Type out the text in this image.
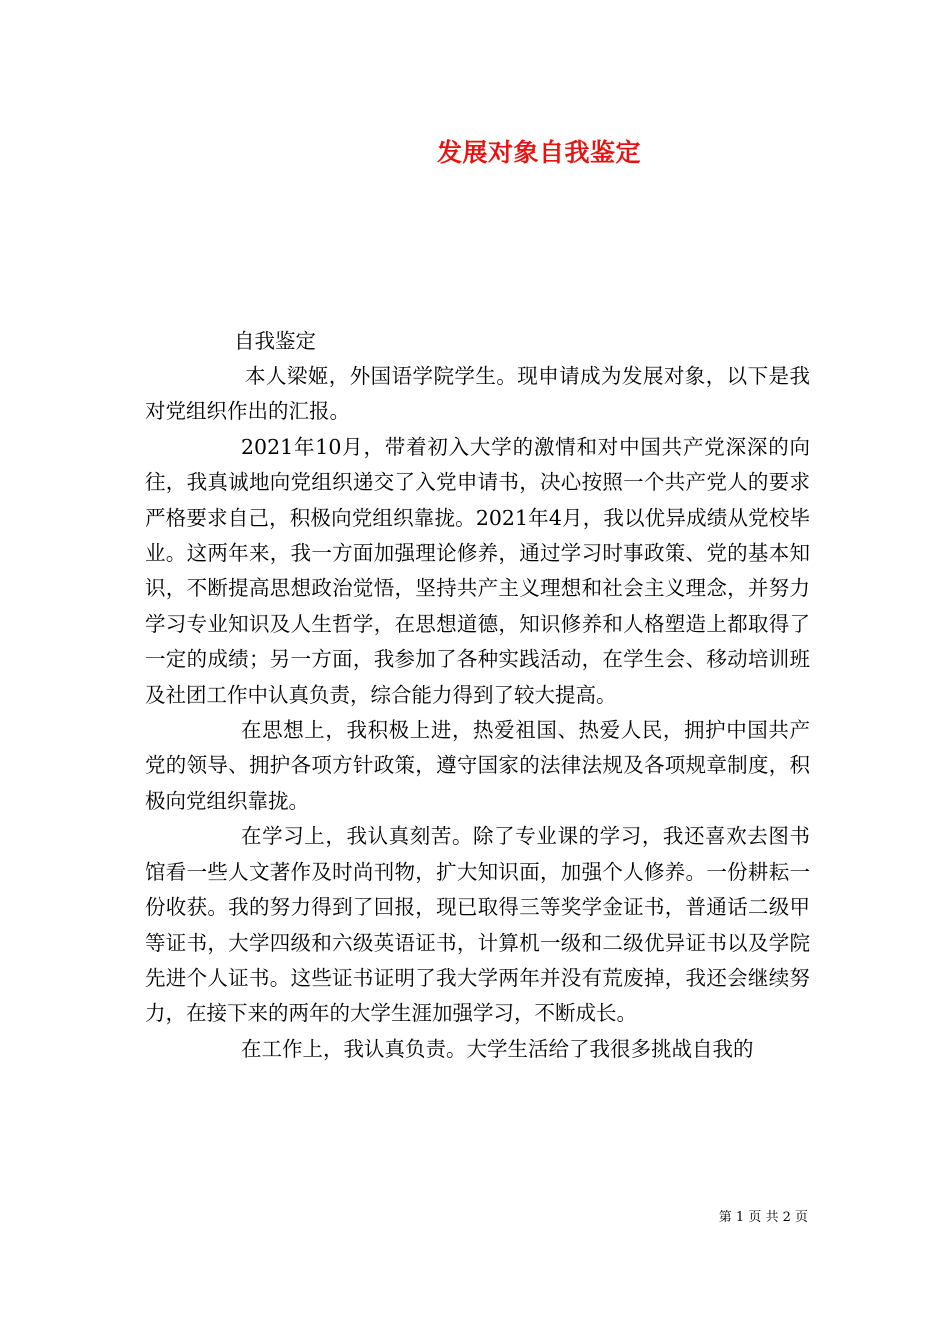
发展对象自我鉴定
自我鉴定

本人梁姬，外国语学院学生。现申请成为发展对象，以下是我对党组织作出的汇报。

2021年10月，带着初入大学的激情和对中国共产党深深的向往，我真诚地向党组织递交了入党申请书，决心按照一个共产党人的要求严格要求自己，积极向党组织靠拢。2021年4月，我以优异成绩从党校毕业。这两年来，我一方面加强理论修养，通过学习时事政策、党的基本知识，不断提高思想政治觉悟，坚持共产主义理想和社会主义理念，并努力学习专业知识及人生哲学，在思想道德，知识修养和人格塑造上都取得了一定的成绩；另一方面，我参加了各种实践活动，在学生会、移动培训班及社团工作中认真负责，综合能力得到了较大提高。

在思想上，我积极上进，热爱祖国、热爱人民，拥护中国共产党的领导、拥护各项方针政策，遵守国家的法律法规及各项规章制度，积极向党组织靠拢。

在学习上，我认真刻苦。除了专业课的学习，我还喜欢去图书馆看一些人文著作及时尚刊物，扩大知识面，加强个人修养。一份耕耘一份收获。我的努力得到了回报，现已取得三等奖学金证书，普通话二级甲等证书，大学四级和六级英语证书，计算机一级和二级优异证书以及学院先进个人证书。这些证书证明了我大学两年并没有荒废掉，我还会继续努力，在接下来的两年的大学生涯加强学习，不断成长。

在工作上，我认真负责。大学生活给了我很多挑战自我的

第 1 页 共 2 页
